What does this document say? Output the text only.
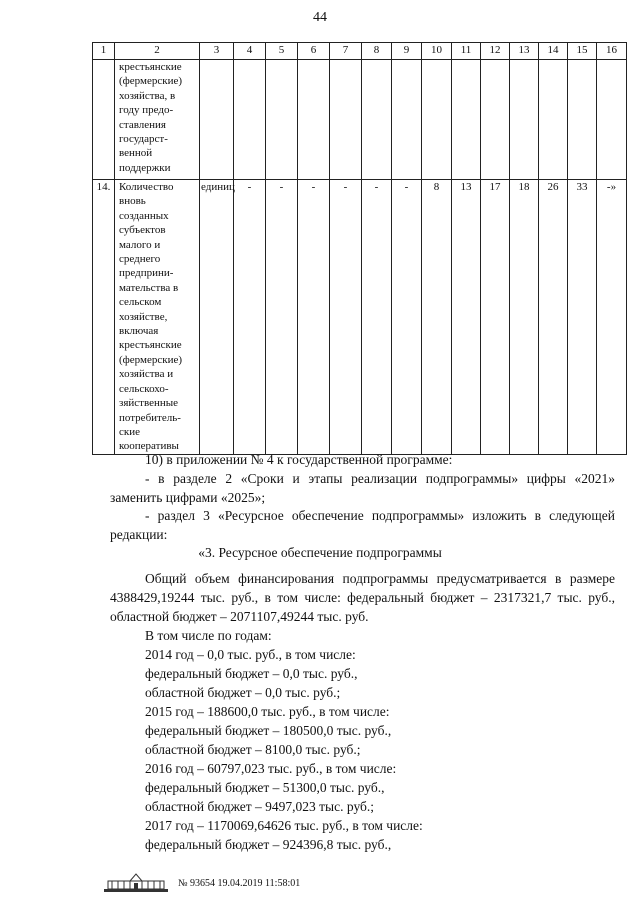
44
1	2	3	4	5	6	7	8	9	10	11	12	13	14	15	16
	крестьянские (фермерские) хозяйства, в году предо-ставления государст-венной поддержки														
14.	Количество вновь созданных субъектов малого и среднего предприни-мательства в сельском хозяйстве, включая крестьянские (фермерские) хозяйства и сельскохо-зяйственные потребитель-ские кооперативы	единиц	-	-	-	-	-	-	8	13	17	18	26	33	-»
10) в приложении № 4 к государственной программе:
- в разделе 2 «Сроки и этапы реализации подпрограммы» цифры «2021» заменить цифрами «2025»;
- раздел 3 «Ресурсное обеспечение подпрограммы» изложить в следующей редакции:
«3. Ресурсное обеспечение подпрограммы
Общий объем финансирования подпрограммы предусматривается в размере 4388429,19244 тыс. руб., в том числе: федеральный бюджет – 2317321,7 тыс. руб., областной бюджет – 2071107,49244 тыс. руб.
В том числе по годам:
2014 год – 0,0 тыс. руб., в том числе:
федеральный бюджет – 0,0 тыс. руб.,
областной бюджет – 0,0 тыс. руб.;
2015 год – 188600,0 тыс. руб., в том числе:
федеральный бюджет – 180500,0 тыс. руб.,
областной бюджет – 8100,0 тыс. руб.;
2016 год – 60797,023 тыс. руб., в том числе:
федеральный бюджет – 51300,0 тыс. руб.,
областной бюджет – 9497,023 тыс. руб.;
2017 год – 1170069,64626 тыс. руб., в том числе:
федеральный бюджет – 924396,8 тыс. руб.,
№ 93654 19.04.2019 11:58:01
